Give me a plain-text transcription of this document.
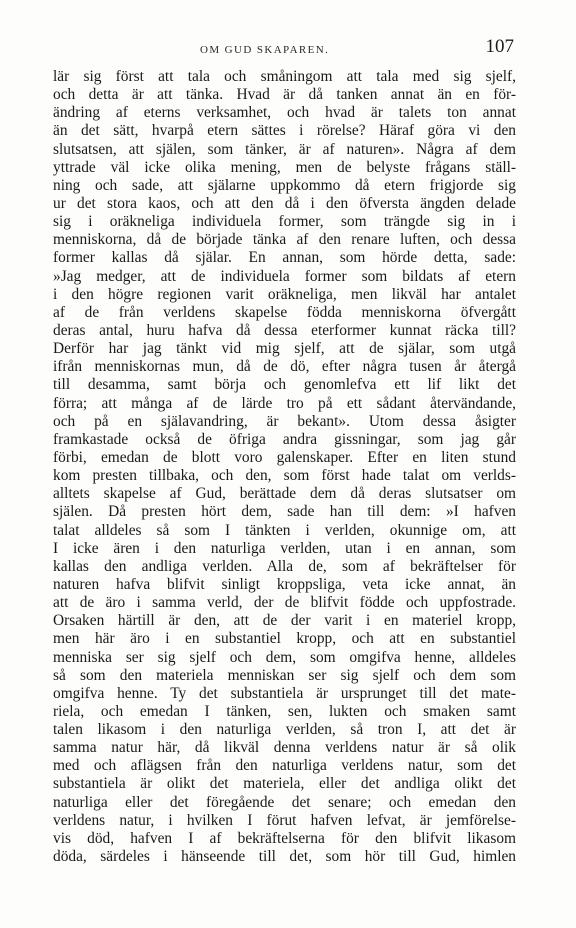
OM GUD SKAPAREN.	107
lär sig först att tala och småningom att tala med sig sjelf,
och detta är att tänka. Hvad är då tanken annat än en för-
ändring af eterns verksamhet, och hvad är talets ton annat
än det sätt, hvarpå etern sättes i rörelse? Häraf göra vi den
slutsatsen, att själen, som tänker, är af naturen». Några af dem
yttrade väl icke olika mening, men de belyste frågans ställ-
ning och sade, att själarne uppkommo då etern frigjorde sig
ur det stora kaos, och att den då i den öfversta ängden delade
sig i oräkneliga individuela former, som trängde sig in i
menniskorna, då de började tänka af den renare luften, och dessa
former kallas då själar. En annan, som hörde detta, sade:
»Jag medger, att de individuela former som bildats af etern
i den högre regionen varit oräkneliga, men likväl har antalet
af de från verldens skapelse födda menniskorna öfvergått
deras antal, huru hafva då dessa eterformer kunnat räcka till?
Derför har jag tänkt vid mig sjelf, att de själar, som utgå
ifrån menniskornas mun, då de dö, efter några tusen år återgå
till desamma, samt börja och genomlefva ett lif likt det
förra; att många af de lärde tro på ett sådant återvändande,
och på en själavandring, är bekant». Utom dessa åsigter
framkastade också de öfriga andra gissningar, som jag går
förbi, emedan de blott voro galenskaper. Efter en liten stund
kom presten tillbaka, och den, som först hade talat om verlds-
alltets skapelse af Gud, berättade dem då deras slutsatser om
själen. Då presten hört dem, sade han till dem: »I hafven
talat alldeles så som I tänkten i verlden, okunnige om, att
I icke ären i den naturliga verlden, utan i en annan, som
kallas den andliga verlden. Alla de, som af bekräftelser för
naturen hafva blifvit sinligt kroppsliga, veta icke annat, än
att de äro i samma verld, der de blifvit födde och uppfostrade.
Orsaken härtill är den, att de der varit i en materiel kropp,
men här äro i en substantiel kropp, och att en substantiel
menniska ser sig sjelf och dem, som omgifva henne, alldeles
så som den materiela menniskan ser sig sjelf och dem som
omgifva henne. Ty det substantiela är ursprunget till det mate-
riela, och emedan I tänken, sen, lukten och smaken samt
talen likasom i den naturliga verlden, så tron I, att det är
samma natur här, då likväl denna verldens natur är så olik
med och aflägsen från den naturliga verldens natur, som det
substantiela är olikt det materiela, eller det andliga olikt det
naturliga eller det föregående det senare; och emedan den
verldens natur, i hvilken I förut hafven lefvat, är jemförelse-
vis död, hafven I af bekräftelserna för den blifvit likasom
döda, särdeles i hänseende till det, som hör till Gud, himlen
